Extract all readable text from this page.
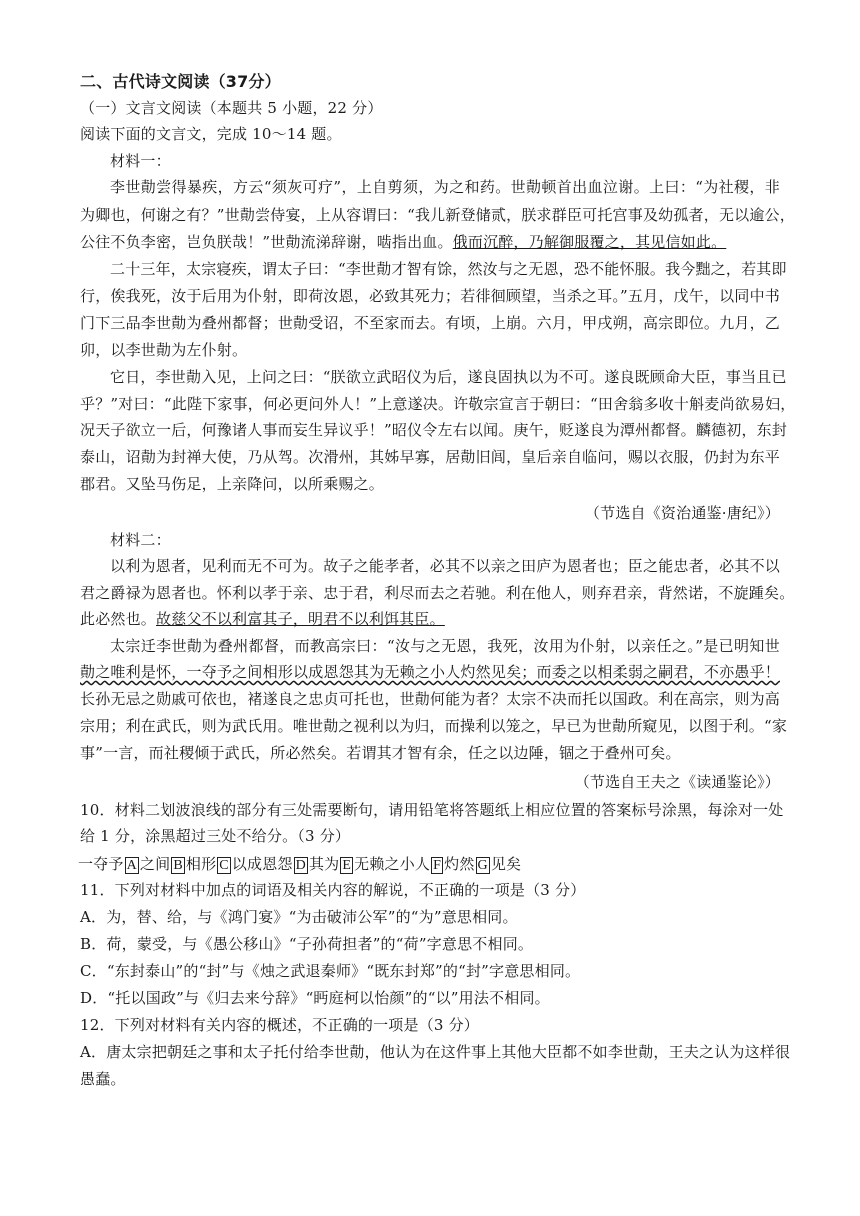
二、古代诗文阅读（37分）
（一）文言文阅读（本题共 5 小题，22 分）
阅读下面的文言文，完成 10～14 题。
材料一：
李世勣尝得暴疾，方云“须灰可疗”，上自剪须，为之和药。世勣顿首出血泣谢。上曰：“为社稷，非
为卿也，何谢之有？”世勣尝侍宴，上从容谓曰：“我儿新登储贰，朕求群臣可托宫事及幼孤者，无以逾公，
公往不负李密，岂负朕哉！”世勣流涕辞谢，啮指出血。俄而沉醉，乃解御服覆之，其见信如此。
二十三年，太宗寝疾，谓太子曰：“李世勣才智有馀，然汝与之无恩，恐不能怀服。我今黜之，若其即
行，俟我死，汝于后用为仆射，即荷汝恩，必致其死力；若徘徊顾望，当杀之耳。”五月，戊午，以同中书
门下三品李世勣为叠州都督；世勣受诏，不至家而去。有顷，上崩。六月，甲戌朔，高宗即位。九月，乙
卯，以李世勣为左仆射。
它日，李世勣入见，上问之曰：“朕欲立武昭仪为后，遂良固执以为不可。遂良既顾命大臣，事当且已
乎？”对曰：“此陛下家事，何必更问外人！”上意遂决。许敬宗宣言于朝曰：“田舍翁多收十斛麦尚欲易妇，
况天子欲立一后，何豫诸人事而妄生异议乎！”昭仪令左右以闻。庚午，贬遂良为潭州都督。麟德初，东封
泰山，诏勣为封禅大使，乃从驾。次滑州，其姊早寡，居勣旧闾，皇后亲自临问，赐以衣服，仍封为东平
郡君。又坠马伤足，上亲降问，以所乘赐之。
（节选自《资治通鉴·唐纪》）
材料二：
以利为恩者，见利而无不可为。故子之能孝者，必其不以亲之田庐为恩者也；臣之能忠者，必其不以
君之爵禄为恩者也。怀利以孝于亲、忠于君，利尽而去之若驰。利在他人，则弃君亲，背然诺，不旋踵矣。
此必然也。故慈父不以利富其子，明君不以利饵其臣。
太宗迁李世勣为叠州都督，而教高宗曰：“汝与之无恩，我死，汝用为仆射，以亲任之。”是已明知世
勣之唯利是怀，一夺予之间相形以成恩怨其为无赖之小人灼然见矣；而委之以相柔弱之嗣君，不亦愚乎！
长孙无忌之勋戚可依也，褚遂良之忠贞可托也，世勣何能为者？太宗不决而托以国政。利在高宗，则为高
宗用；利在武氏，则为武氏用。唯世勣之视利以为归，而操利以笼之，早已为世勣所窥见，以图于利。“家
事”一言，而社稷倾于武氏，所必然矣。若谓其才智有余，任之以边陲，锢之于叠州可矣。
（节选自王夫之《读通鉴论》）
10．材料二划波浪线的部分有三处需要断句，请用铅笔将答题纸上相应位置的答案标号涂黑，每涂对一处
给 1 分，涂黑超过三处不给分。（3 分）
一夺予 A 之间 B 相形 C 以成恩怨 D 其为 E 无赖之小人 F 灼然 G 见矣
11．下列对材料中加点的词语及相关内容的解说，不正确的一项是（3 分）
A．为，替、给，与《鸿门宴》“为击破沛公军”的“为”意思相同。
B．荷，蒙受，与《愚公移山》“子孙荷担者”的“荷”字意思不相同。
C．“东封泰山”的“封”与《烛之武退秦师》“既东封郑”的“封”字意思相同。
D．“托以国政”与《归去来兮辞》“眄庭柯以怡颜”的“以”用法不相同。
12．下列对材料有关内容的概述，不正确的一项是（3 分）
A．唐太宗把朝廷之事和太子托付给李世勣，他认为在这件事上其他大臣都不如李世勣，王夫之认为这样很
愚蠢。
